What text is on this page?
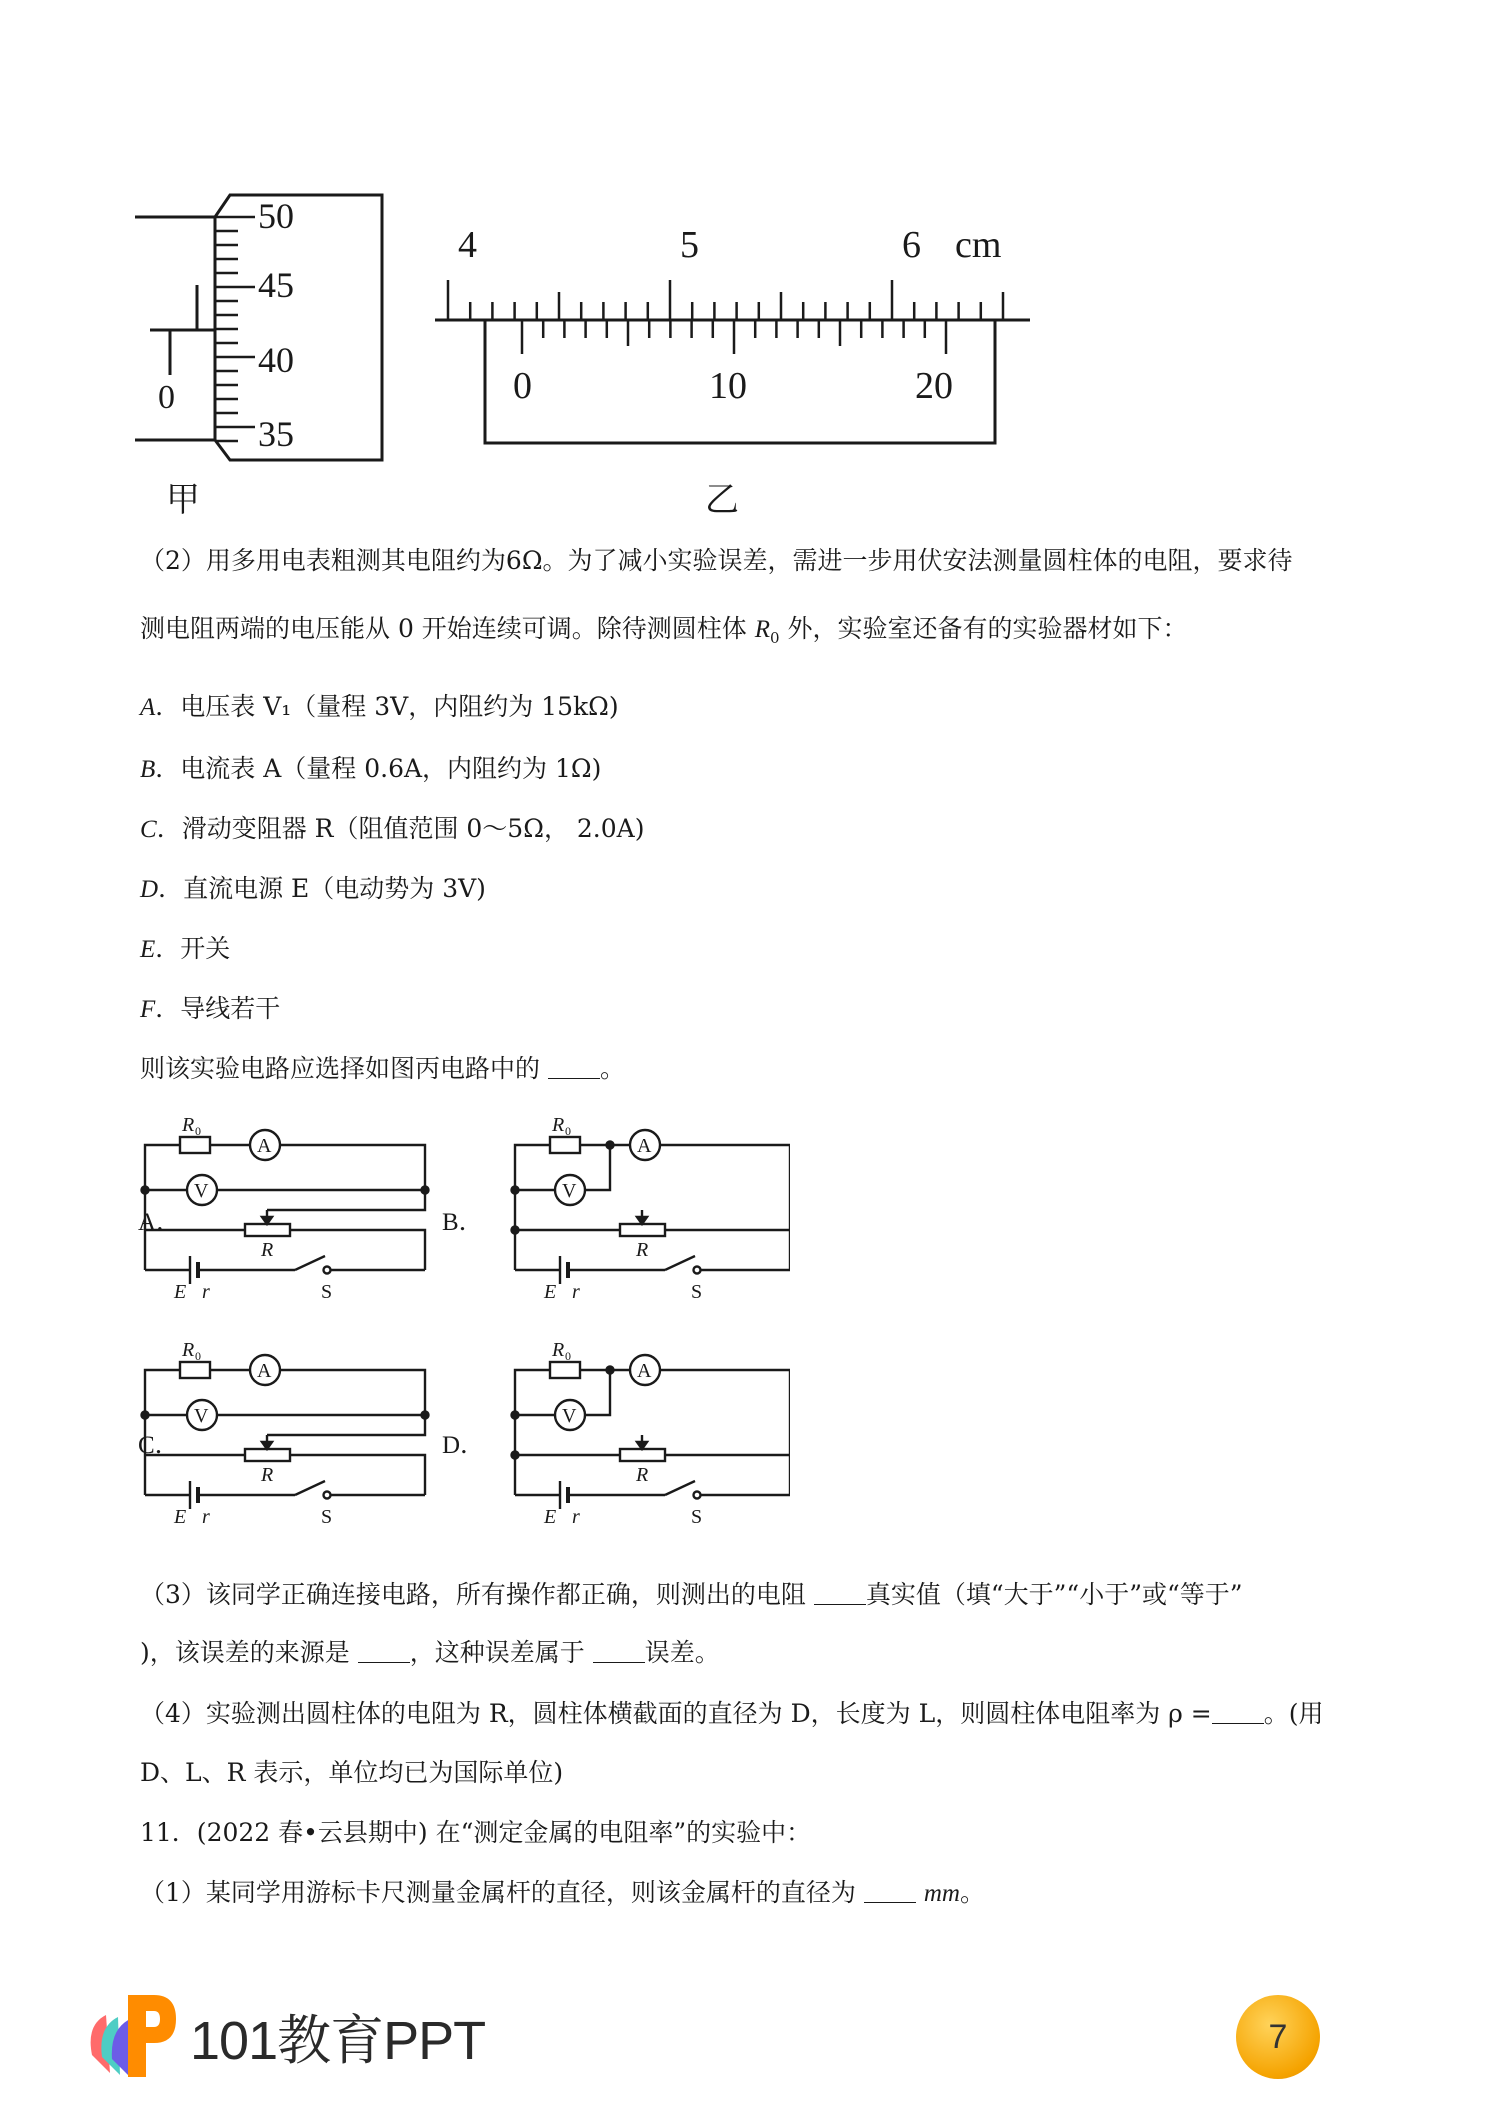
50
45
40
35
0
甲
4	5	6 cm
0	10	20
乙
（2）用多用电表粗测其电阻约为6Ω。为了减小实验误差，需进一步用伏安法测量圆柱体的电阻，要求待
测电阻两端的电压能从 0 开始连续可调。除待测圆柱体 $R_0$ 外，实验室还备有的实验器材如下：
A．电压表 V₁（量程 3V，内阻约为 15kΩ)
B．电流表 A（量程 0.6A，内阻约为 1Ω)
C．滑动变阻器 R（阻值范围 0～5Ω， 2.0A)
D．直流电源 E（电动势为 3V)
E．开关
F．导线若干
则该实验电路应选择如图丙电路中的 。
A．	B．
C．	D．
A
V
R 0
R
E r	S
A
V
R 0
R
E r	S
A
V
R 0
R
E r	S
A
V
R 0
R
E r	S
（3）该同学正确连接电路，所有操作都正确，则测出的电阻 真实值（填“大于”“小于”或“等于”
)，该误差的来源是 ，这种误差属于 误差。
（4）实验测出圆柱体的电阻为 R，圆柱体横截面的直径为 D，长度为 L，则圆柱体电阻率为 ρ = 。(用
D、L、R 表示，单位均已为国际单位)
11．(2022 春•云县期中) 在“测定金属的电阻率”的实验中：
（1）某同学用游标卡尺测量金属杆的直径，则该金属杆的直径为	mm。
101教育PPT	7
